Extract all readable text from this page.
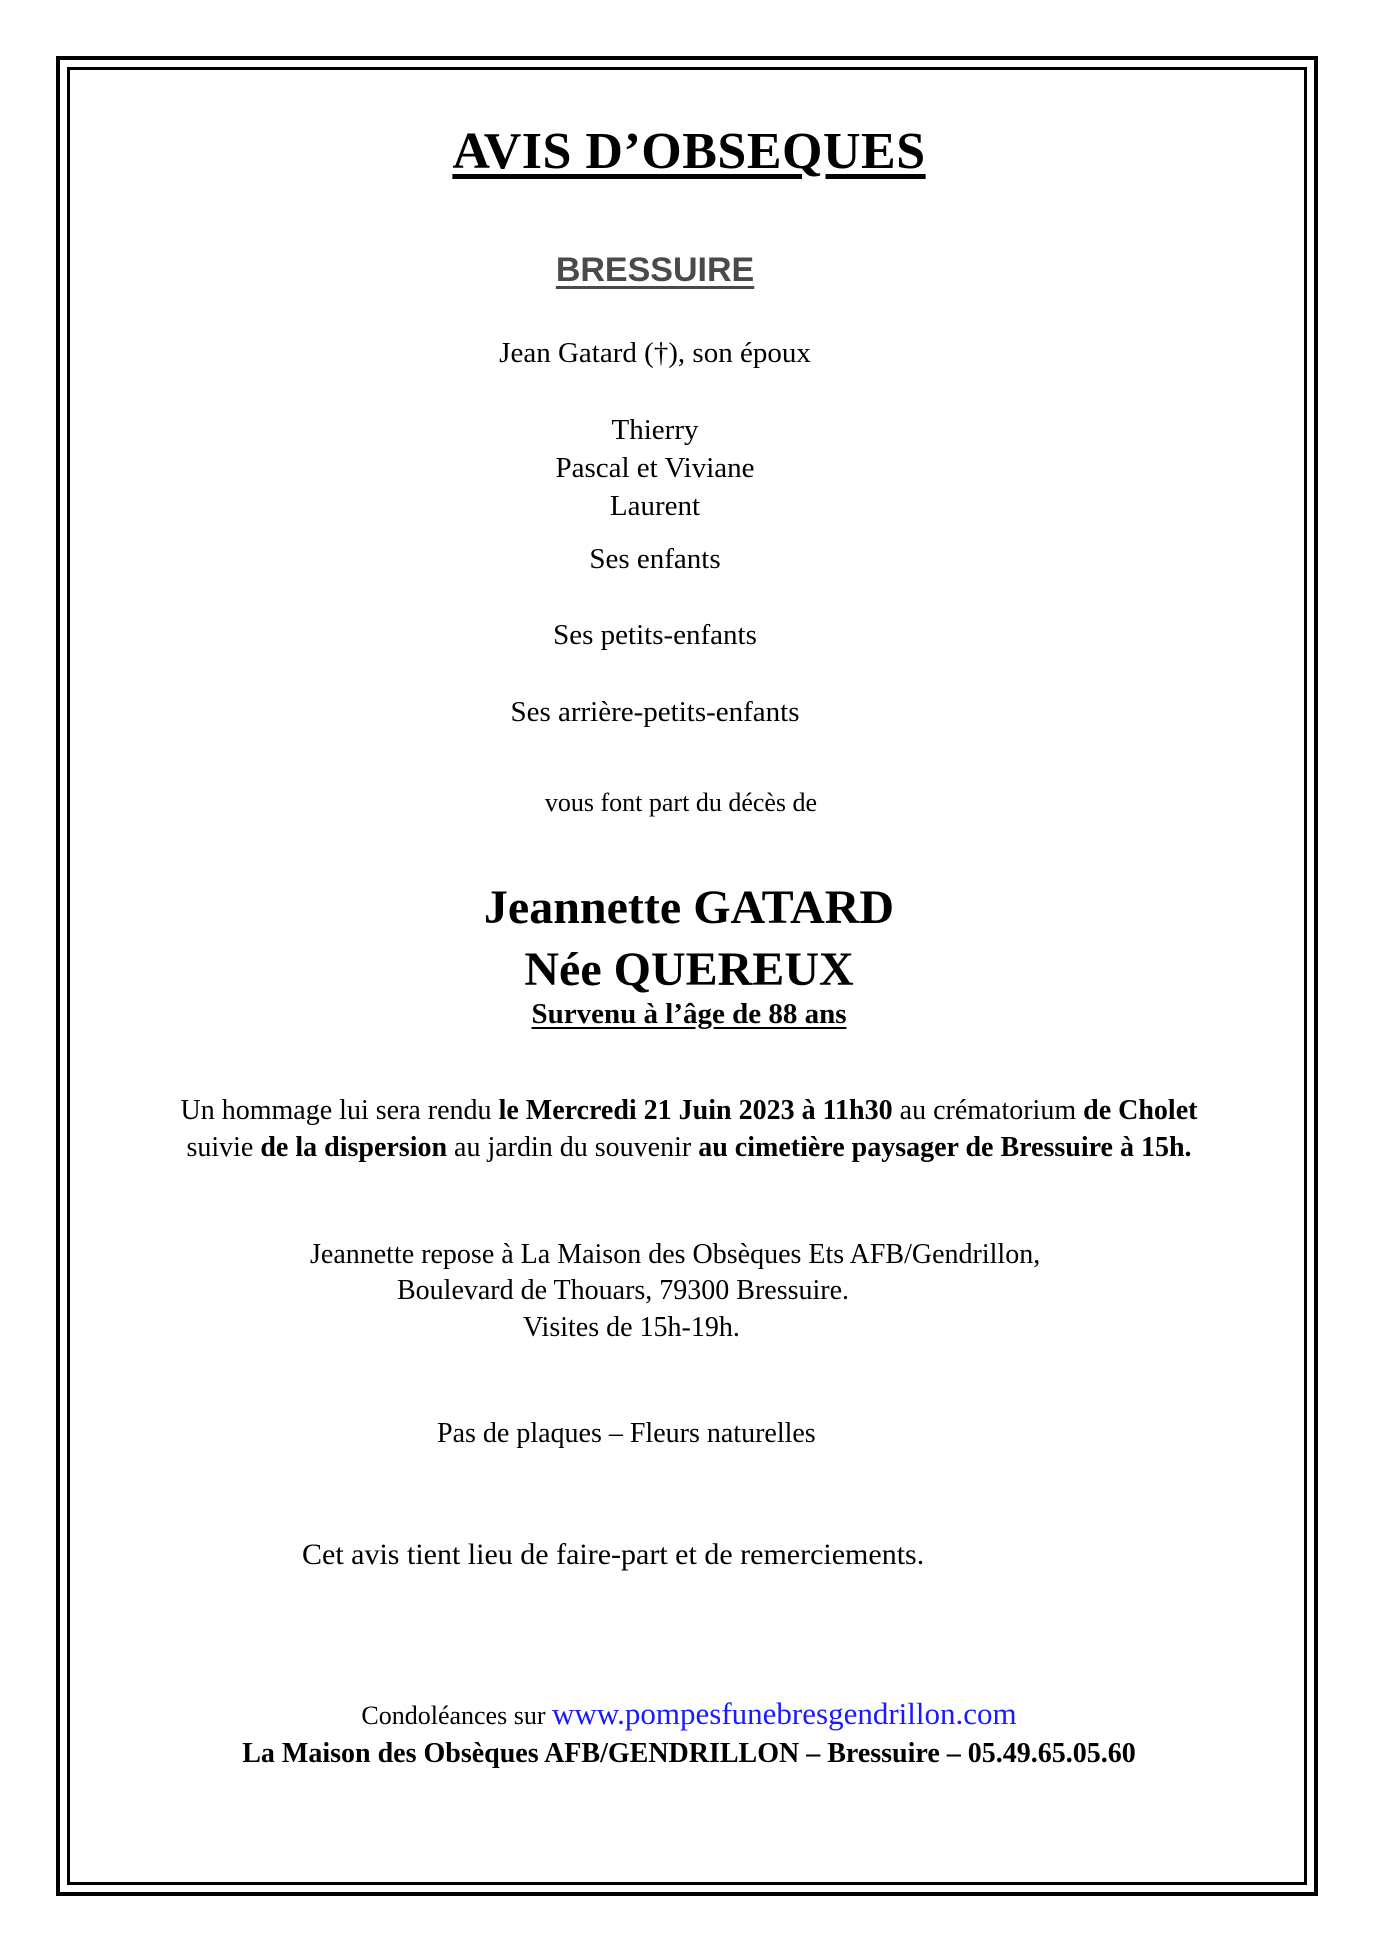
AVIS D’OBSEQUES
BRESSUIRE
Jean Gatard (†), son époux
Thierry
Pascal et Viviane
Laurent
Ses enfants
Ses petits-enfants
Ses arrière-petits-enfants
vous font part du décès de
Jeannette GATARD
Née QUEREUX
Survenu à l’âge de 88 ans
Un hommage lui sera rendu le Mercredi 21 Juin 2023 à 11h30 au crématorium de Cholet
suivie de la dispersion au jardin du souvenir au cimetière paysager de Bressuire à 15h.
Jeannette repose à La Maison des Obsèques Ets AFB/Gendrillon,
Boulevard de Thouars, 79300 Bressuire.
Visites de 15h-19h.
Pas de plaques – Fleurs naturelles
Cet avis tient lieu de faire-part et de remerciements.
Condoléances sur www.pompesfunebresgendrillon.com
La Maison des Obsèques AFB/GENDRILLON – Bressuire – 05.49.65.05.60
